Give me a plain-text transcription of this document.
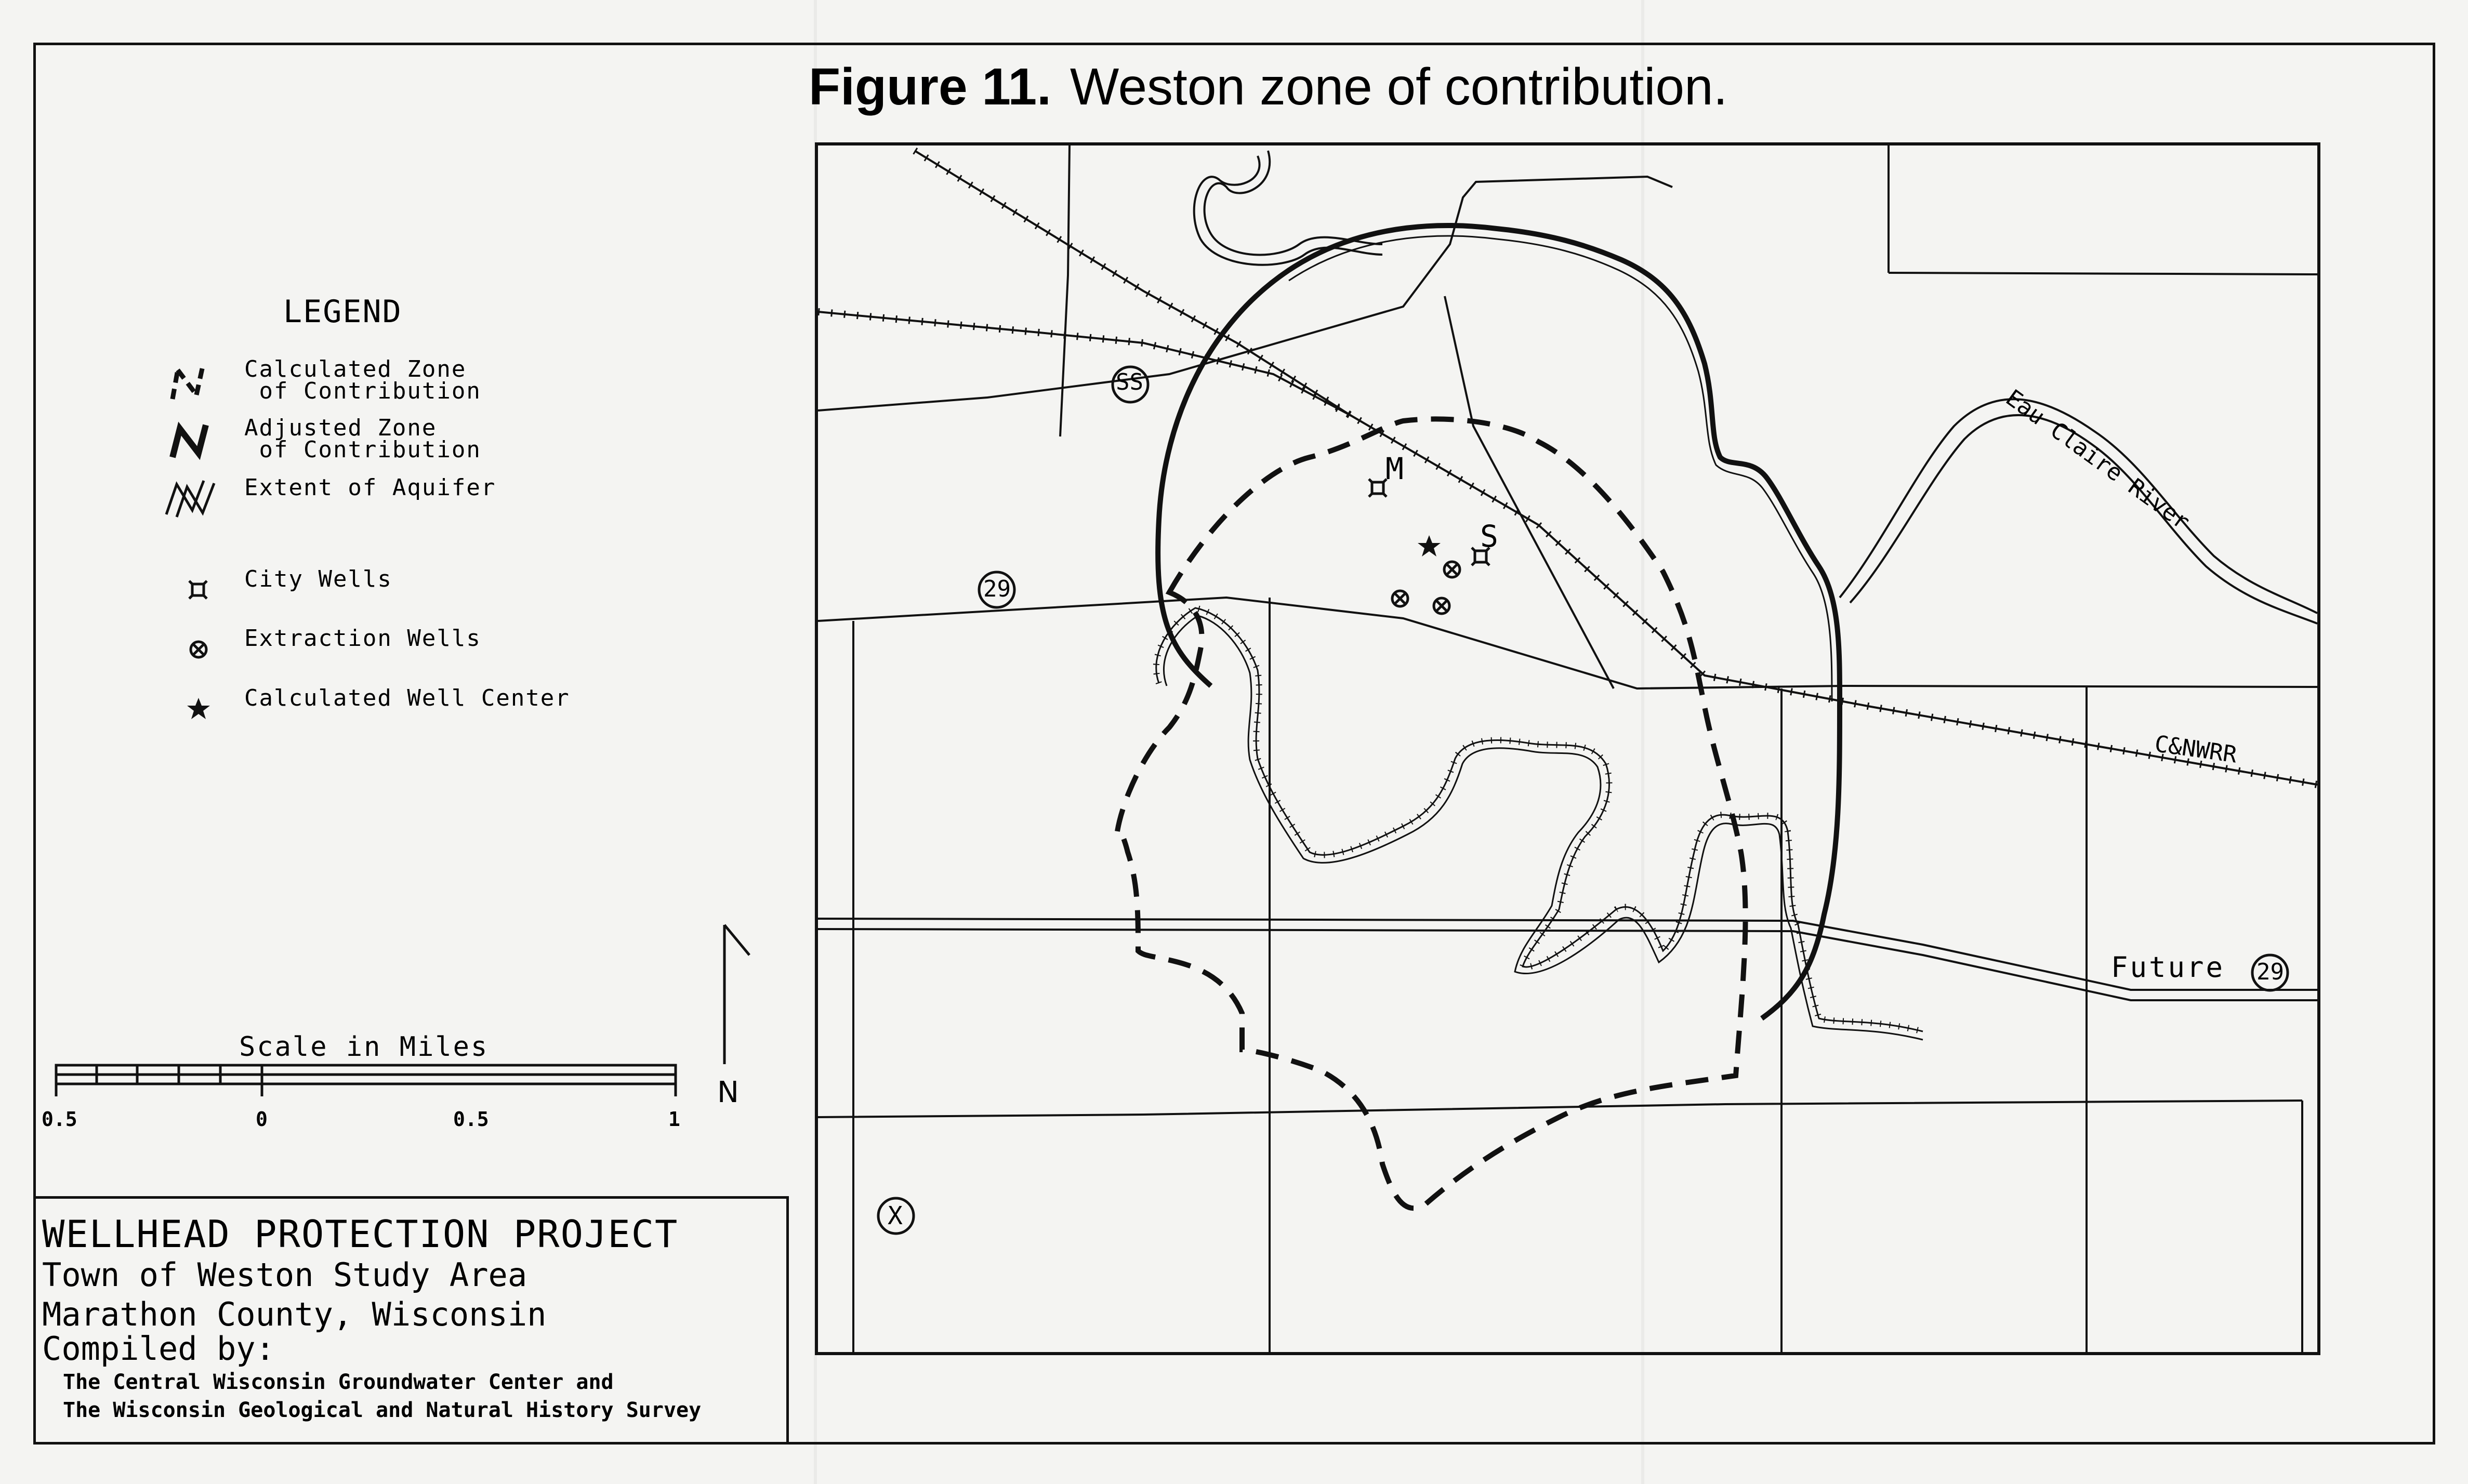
Figure 11. Weston zone of contribution.
LEGEND
Calculated Zone
of Contribution
Adjusted Zone
of Contribution
Extent of Aquifer
City Wells
Extraction Wells
Calculated Well Center
Scale in Miles
0.5	0	0.5	1
N
WELLHEAD PROTECTION PROJECT
Town of Weston Study Area
Marathon County, Wisconsin
Compiled by:
The Central Wisconsin Groundwater Center and
The Wisconsin Geological and Natural History Survey
SS
29
29
X
M
S
Future
C&NWRR
Eau Claire River
